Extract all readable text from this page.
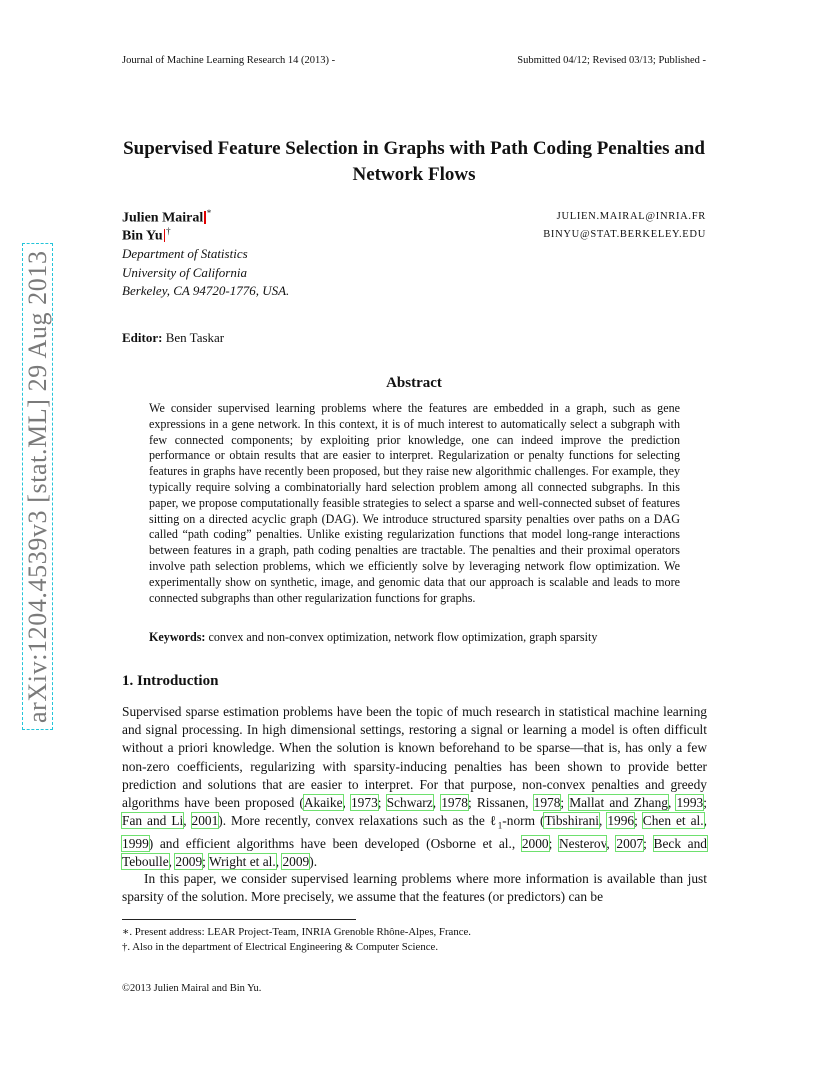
Journal of Machine Learning Research 14 (2013) -	Submitted 04/12; Revised 03/13; Published -
arXiv:1204.4539v3 [stat.ML] 29 Aug 2013
Supervised Feature Selection in Graphs with Path Coding Penalties and Network Flows
Julien Mairal *	JULIEN.MAIRAL@INRIA.FR
Bin Yu †	BINYU@STAT.BERKELEY.EDU
Department of Statistics
University of California
Berkeley, CA 94720-1776, USA.
Editor: Ben Taskar
Abstract
We consider supervised learning problems where the features are embedded in a graph, such as gene expressions in a gene network. In this context, it is of much interest to automatically select a subgraph with few connected components; by exploiting prior knowledge, one can indeed improve the prediction performance or obtain results that are easier to interpret. Regularization or penalty functions for selecting features in graphs have recently been proposed, but they raise new algorithmic challenges. For example, they typically require solving a combinatorially hard selection problem among all connected subgraphs. In this paper, we propose computationally feasible strategies to select a sparse and well-connected subset of features sitting on a directed acyclic graph (DAG). We introduce structured sparsity penalties over paths on a DAG called “path coding” penalties. Unlike existing regularization functions that model long-range interactions between features in a graph, path coding penalties are tractable. The penalties and their proximal operators involve path selection problems, which we efficiently solve by leveraging network flow optimization. We experimentally show on synthetic, image, and genomic data that our approach is scalable and leads to more connected subgraphs than other regularization functions for graphs.
Keywords: convex and non-convex optimization, network flow optimization, graph sparsity
1. Introduction
Supervised sparse estimation problems have been the topic of much research in statistical machine learning and signal processing. In high dimensional settings, restoring a signal or learning a model is often difficult without a priori knowledge. When the solution is known beforehand to be sparse—that is, has only a few non-zero coefficients, regularizing with sparsity-inducing penalties has been shown to provide better prediction and solutions that are easier to interpret. For that purpose, non-convex penalties and greedy algorithms have been proposed (Akaike, 1973; Schwarz, 1978; Rissanen, 1978; Mallat and Zhang, 1993; Fan and Li, 2001). More recently, convex relaxations such as the ℓ$_1$-norm (Tibshirani, 1996; Chen et al., 1999) and efficient algorithms have been developed (Osborne et al., 2000; Nesterov, 2007; Beck and Teboulle, 2009; Wright et al., 2009).
In this paper, we consider supervised learning problems where more information is available than just sparsity of the solution. More precisely, we assume that the features (or predictors) can be
∗. Present address: LEAR Project-Team, INRIA Grenoble Rhône-Alpes, France.
†. Also in the department of Electrical Engineering & Computer Science.
©2013 Julien Mairal and Bin Yu.
